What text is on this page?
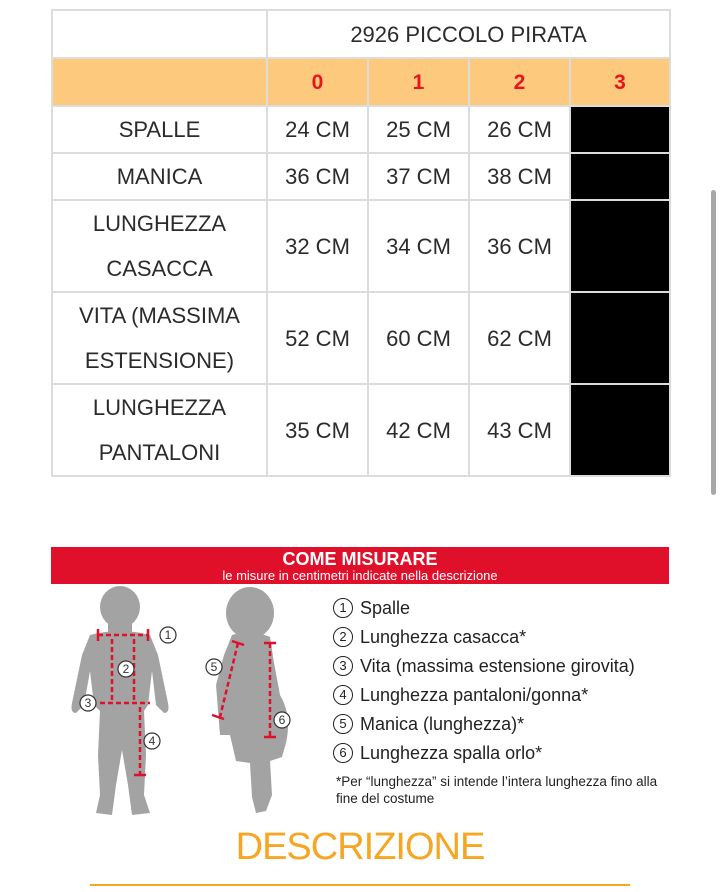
	2926 PICCOLO PIRATA			
	0	1	2	3
SPALLE	24 CM	25 CM	26 CM	
MANICA	36 CM	37 CM	38 CM	
LUNGHEZZA CASACCA	32 CM	34 CM	36 CM	
VITA (MASSIMA ESTENSIONE)	52 CM	60 CM	62 CM	
LUNGHEZZA PANTALONI	35 CM	42 CM	43 CM	
COME MISURARE
le misure in centimetri indicate nella descrizione
1
2
3
4
5
6
1 Spalle
2 Lunghezza casacca*
3 Vita (massima estensione girovita)
4 Lunghezza pantaloni/gonna*
5 Manica (lunghezza)*
6 Lunghezza spalla orlo*
*Per “lunghezza” si intende l’intera lunghezza fino alla fine del costume
DESCRIZIONE
